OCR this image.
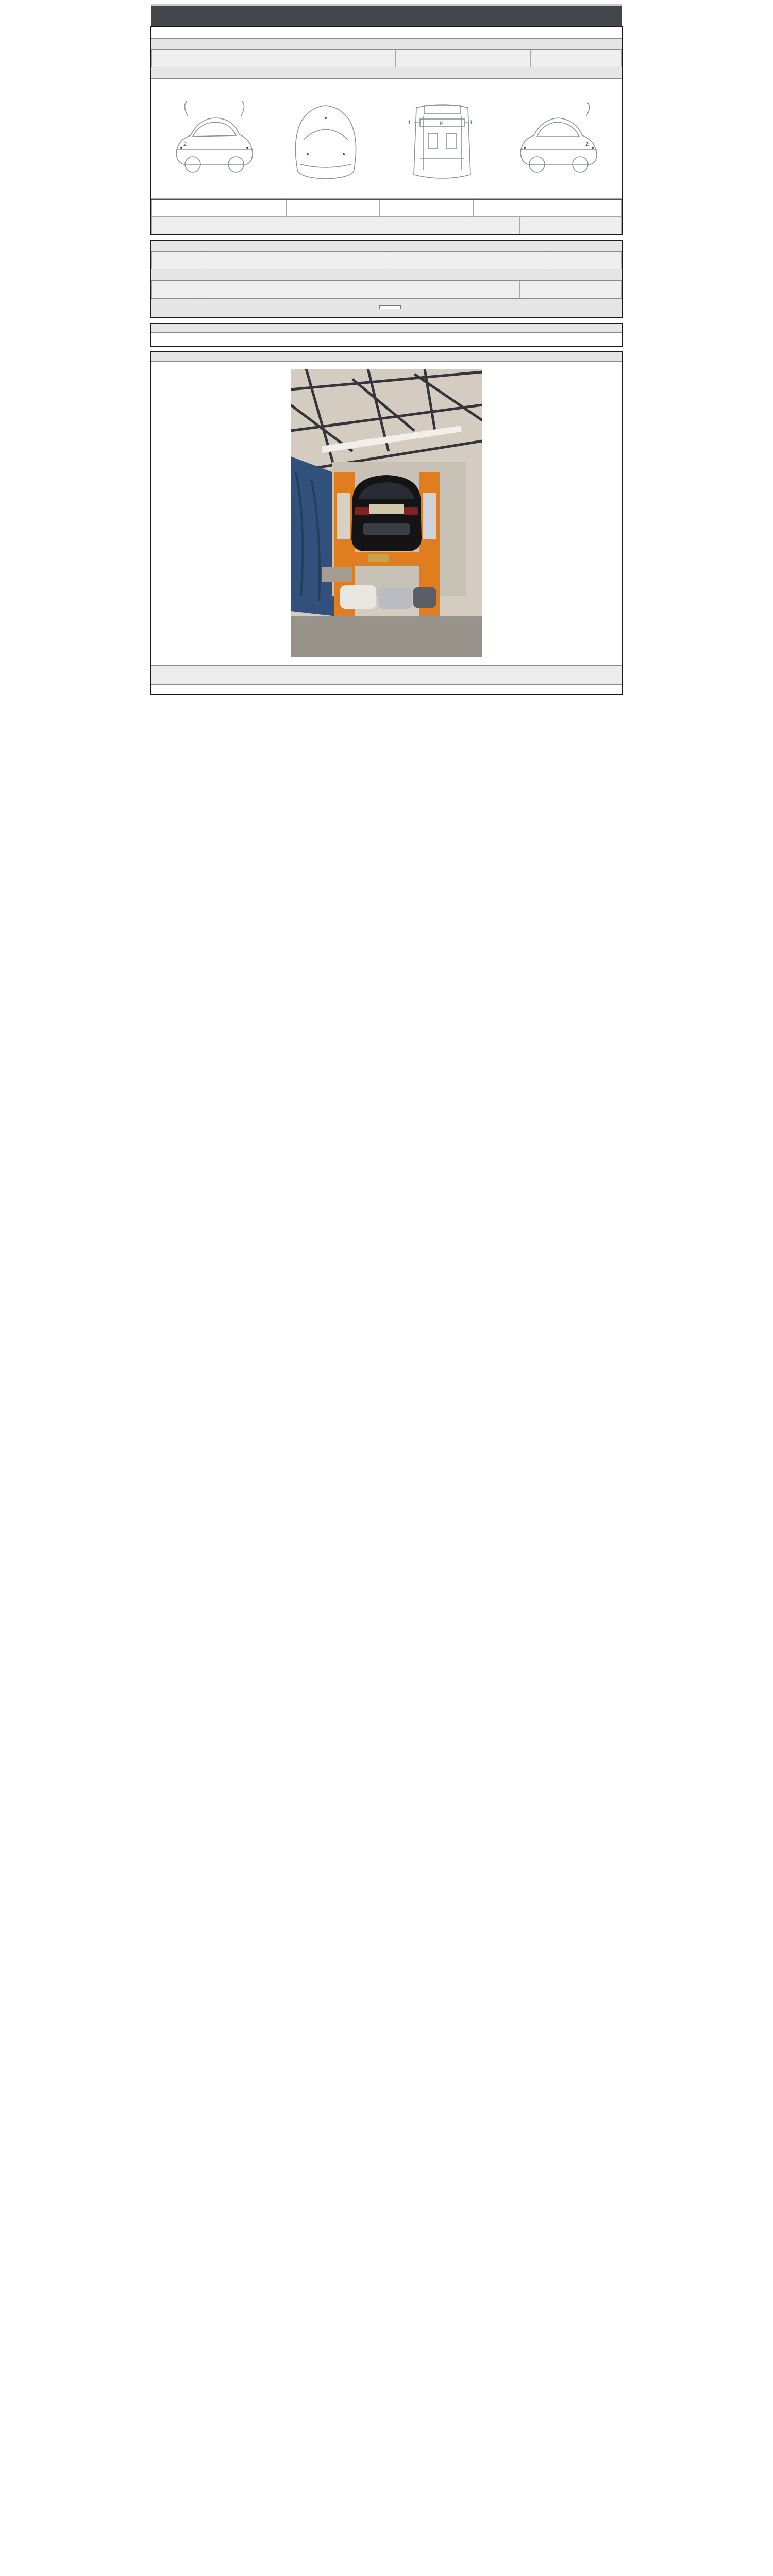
2
11	9	11
2
